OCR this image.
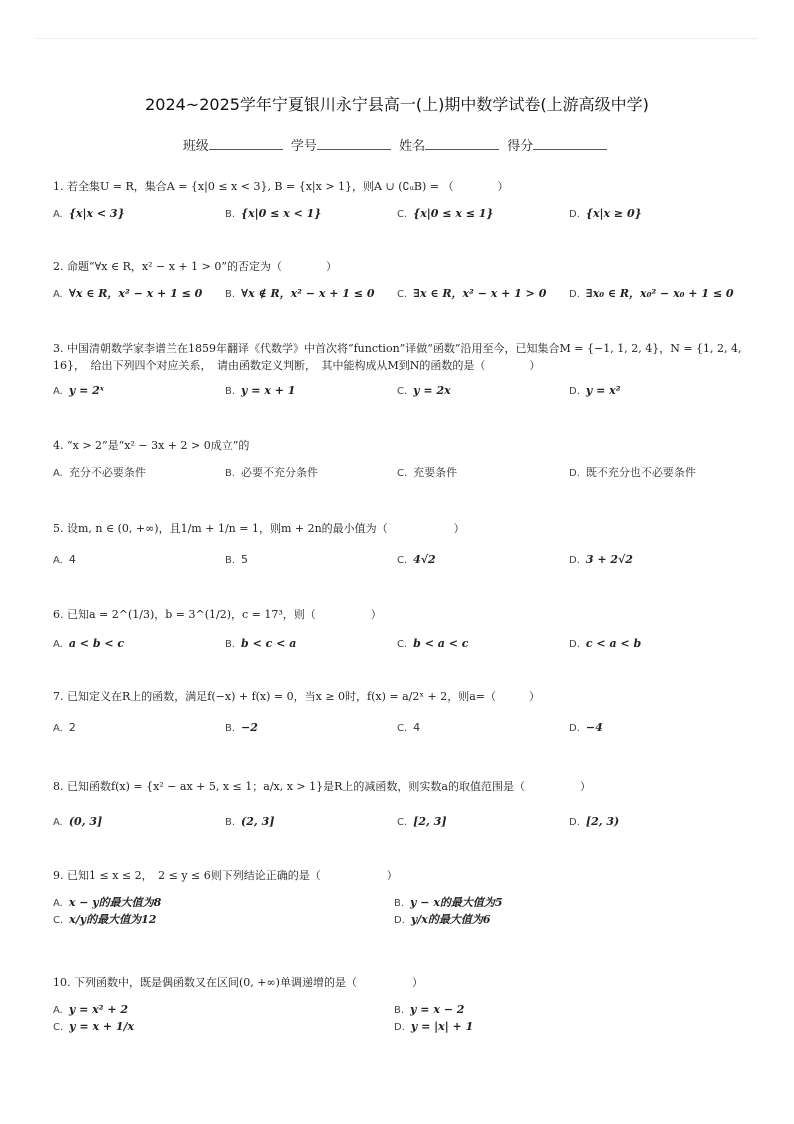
2024~2025学年宁夏银川永宁县高一(上)期中数学试卷(上游高级中学)
班级	学号	姓名	得分
1. 若全集U = R，集合A = {x|0 ≤ x < 3}, B = {x|x > 1}，则A ∪ (∁ᵤB) = （　　　　）
A. {x|x < 3}	B. {x|0 ≤ x < 1}	C. {x|0 ≤ x ≤ 1}	D. {x|x ≥ 0}
2. 命题“∀x ∈ R，x² − x + 1 > 0”的否定为（　　　　）
A. ∀x ∈ R，x² − x + 1 ≤ 0 B. ∀x ∉ R，x² − x + 1 ≤ 0 C. ∃x ∈ R，x² − x + 1 > 0 D. ∃x₀ ∈ R，x₀² − x₀ + 1 ≤ 0
3. 中国清朝数学家李谱兰在1859年翻译《代数学》中首次将“function”译做“函数”沿用至今，已知集合M = {−1, 1, 2, 4}，N = {1, 2, 4, 16}，　给出下列四个对应关系，　请由函数定义判断，　其中能构成从M到N的函数的是（　　　　）
A. y = 2ˣ	B. y = x + 1	C. y = 2x	D. y = x²
4. “x > 2”是“x² − 3x + 2 > 0成立”的
A. 充分不必要条件	B. 必要不充分条件	C. 充要条件	D. 既不充分也不必要条件
5. 设m, n ∈ (0, +∞)，且1/m + 1/n = 1，则m + 2n的最小值为（　　　　　　）
A. 4	B. 5	C. 4√2	D. 3 + 2√2
6. 已知a = 2^(1/3)，b = 3^(1/2)，c = 17³，则（　　　　　）
A. a < b < c	B. b < c < a	C. b < a < c	D. c < a < b
7. 已知定义在R上的函数，满足f(−x) + f(x) = 0，当x ≥ 0时，f(x) = a/2ˣ + 2，则a=（　　　）
A. 2	B. −2	C. 4	D. −4
8. 已知函数f(x) = {x² − ax + 5, x ≤ 1；a/x, x > 1}是R上的减函数，则实数a的取值范围是（　　　　　）
A. (0, 3]	B. (2, 3]	C. [2, 3]	D. [2, 3)
9. 已知1 ≤ x ≤ 2，　2 ≤ y ≤ 6则下列结论正确的是（　　　　　　）
A. x − y的最大值为8	B. y − x的最大值为5
C. x/y的最大值为12	D. y/x的最大值为6
10. 下列函数中，既是偶函数又在区间(0, +∞)单调递增的是（　　　　　）
A. y = x² + 2	B. y = x − 2
C. y = x + 1/x	D. y = |x| + 1
